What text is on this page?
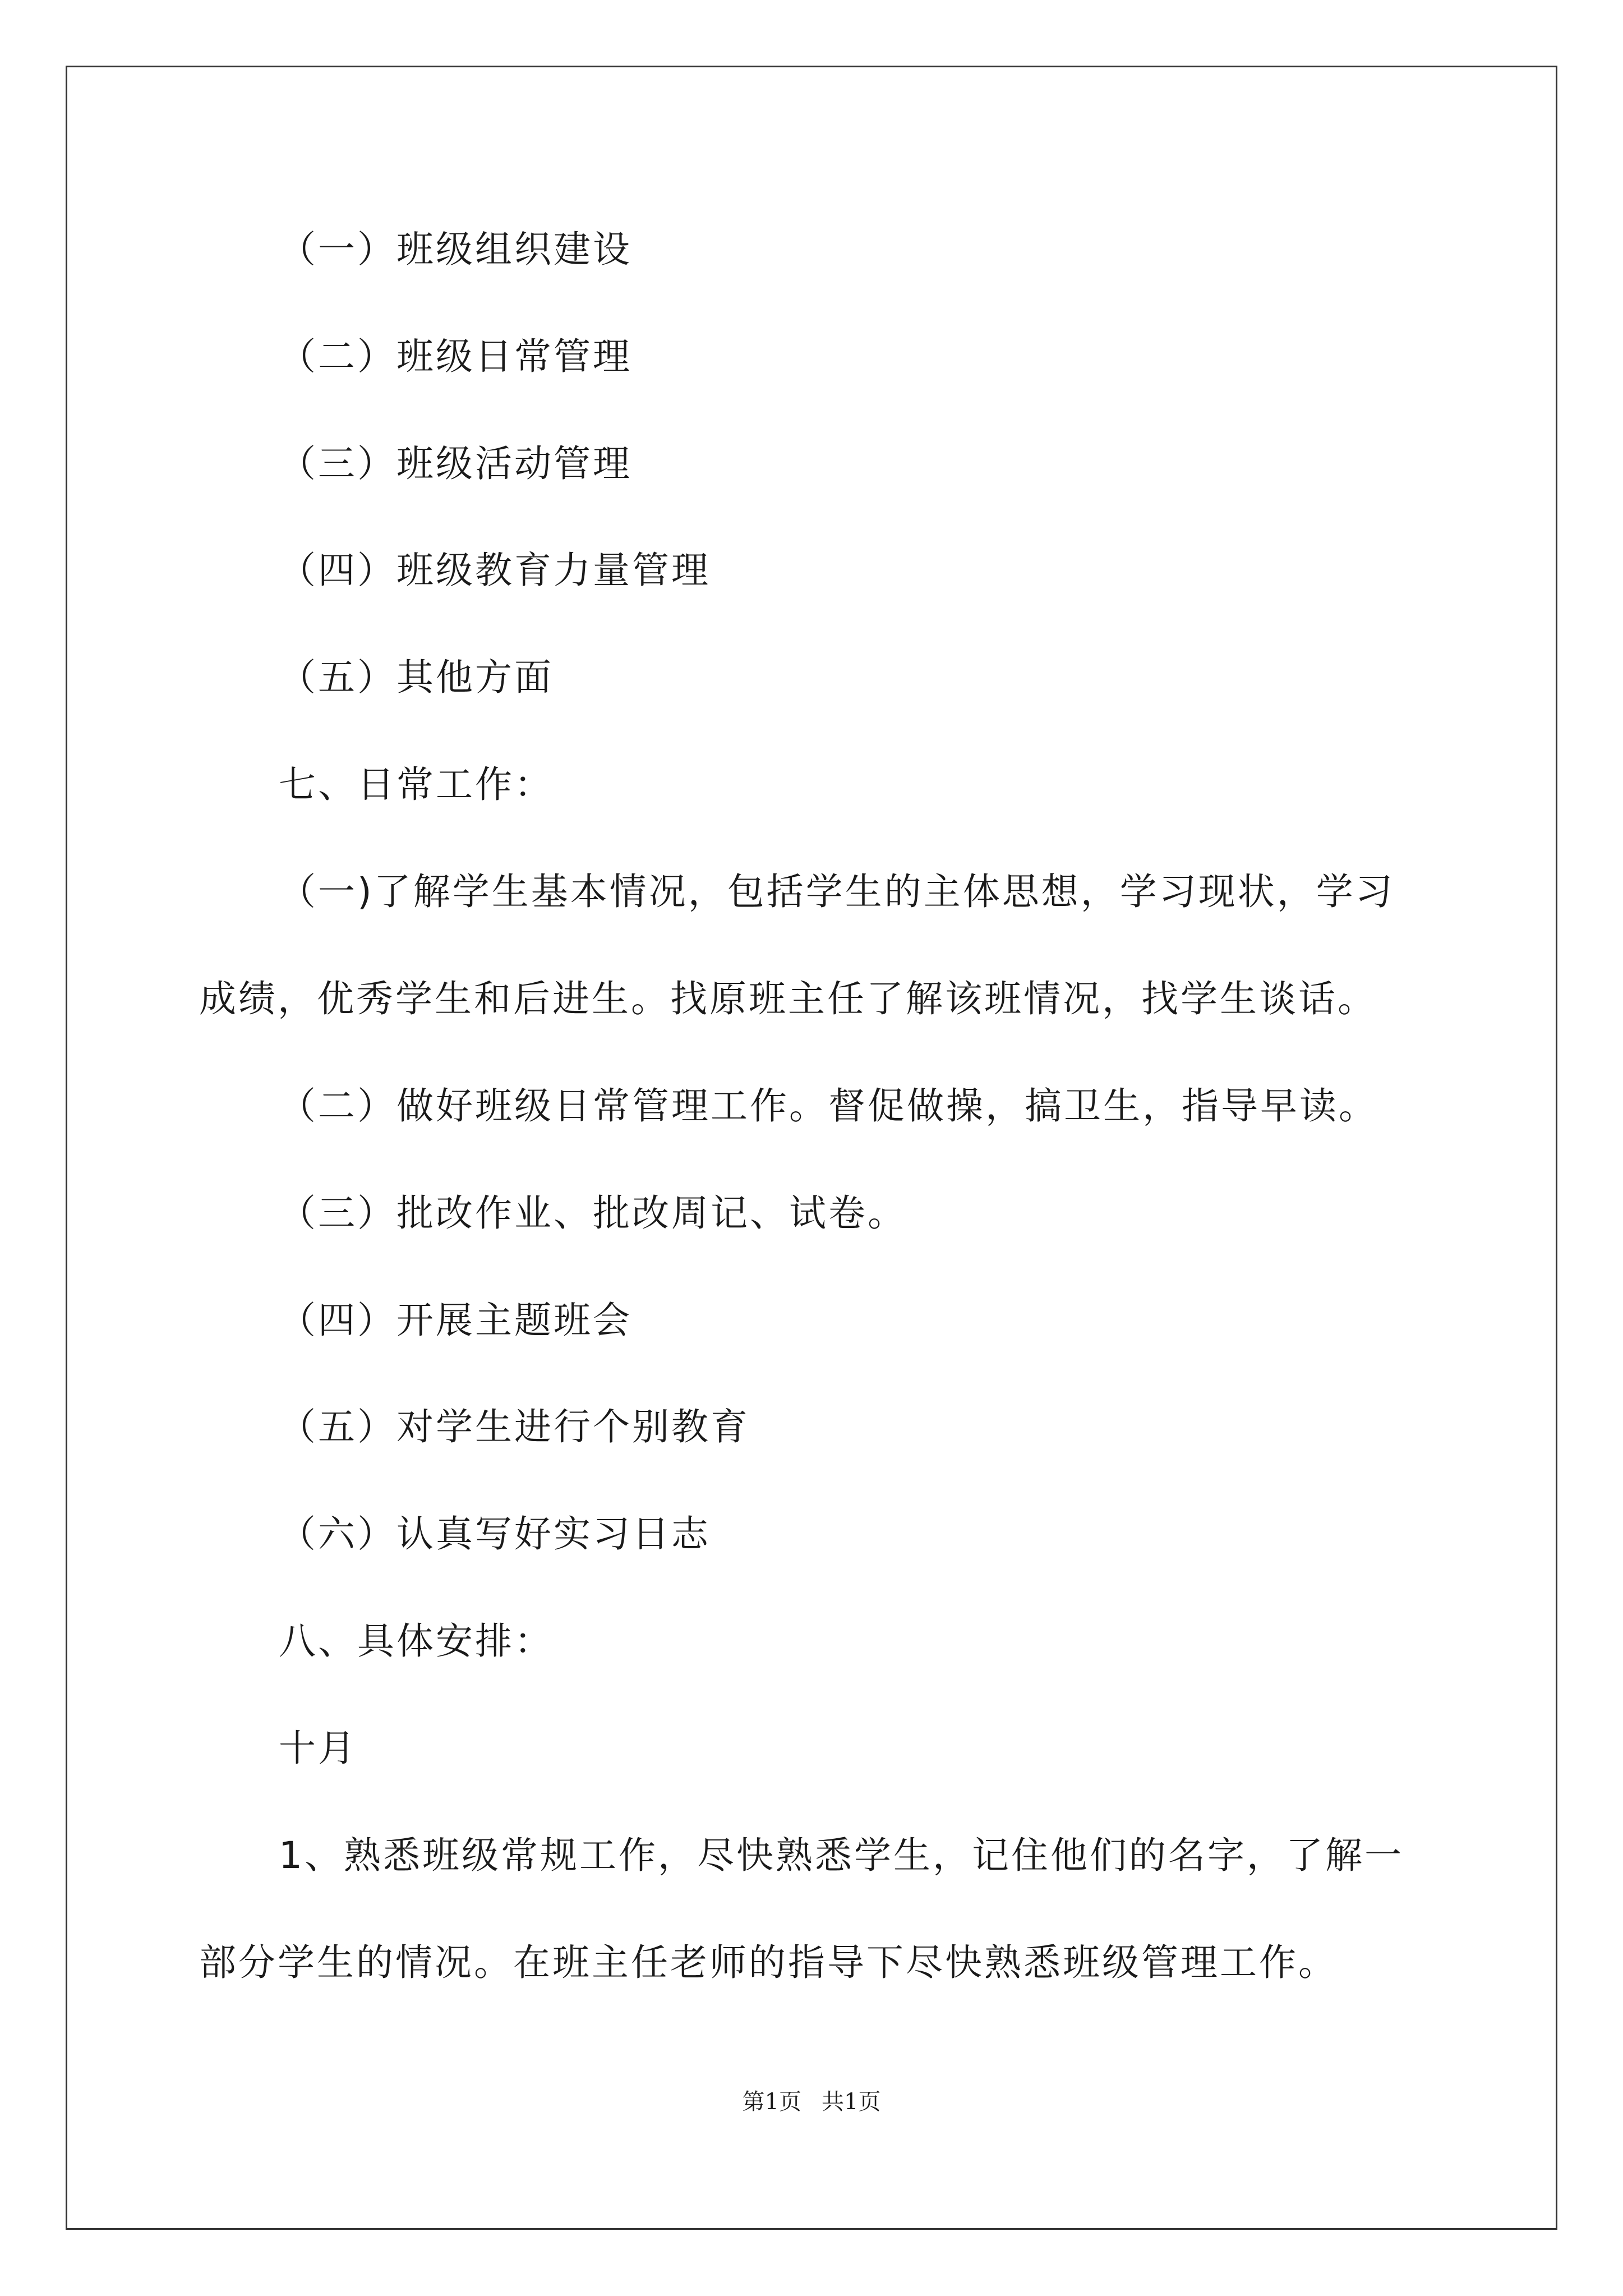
（一）班级组织建设
（二）班级日常管理
（三）班级活动管理
（四）班级教育力量管理
（五）其他方面
七、日常工作：
（一)了解学生基本情况，包括学生的主体思想，学习现状，学习
成绩，优秀学生和后进生。找原班主任了解该班情况，找学生谈话。
（二）做好班级日常管理工作。督促做操，搞卫生，指导早读。
（三）批改作业、批改周记、试卷。
（四）开展主题班会
（五）对学生进行个别教育
（六）认真写好实习日志
八、具体安排：
十月
1、熟悉班级常规工作，尽快熟悉学生，记住他们的名字，了解一
部分学生的情况。在班主任老师的指导下尽快熟悉班级管理工作。
第1页 共1页
